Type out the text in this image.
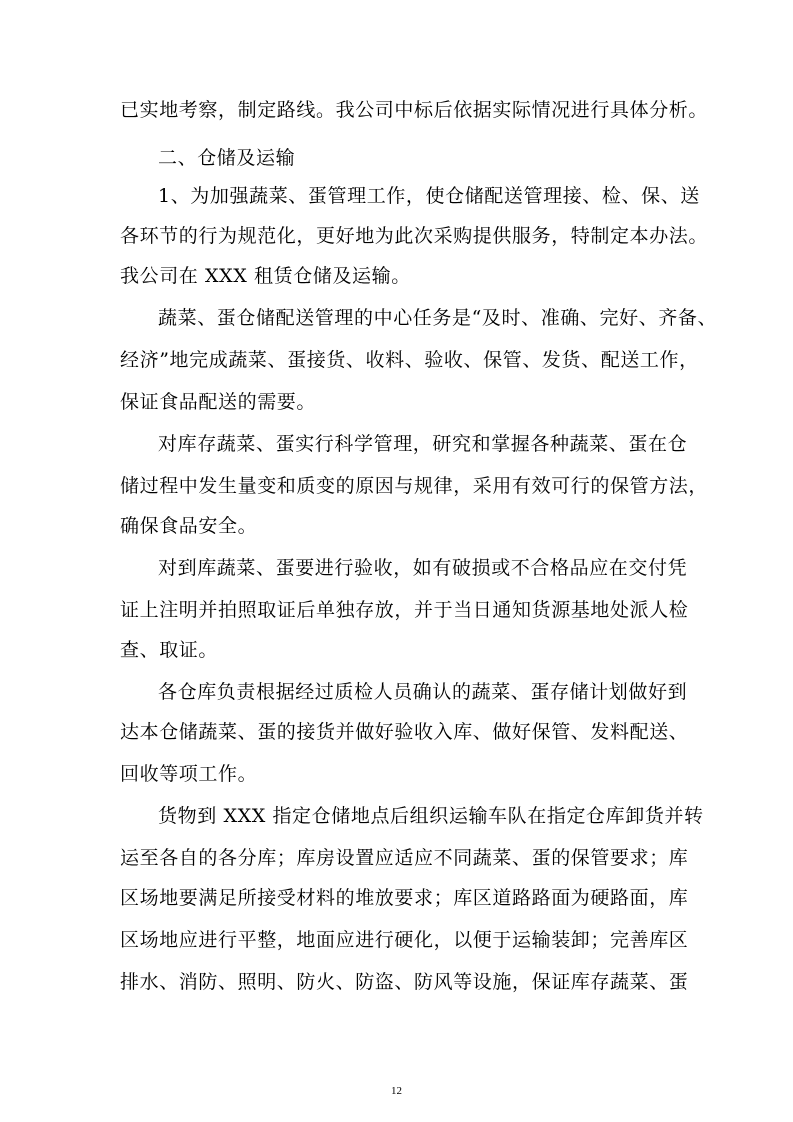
已实地考察，制定路线。我公司中标后依据实际情况进行具体分析。
二、仓储及运输
1、为加强蔬菜、蛋管理工作，使仓储配送管理接、检、保、送
各环节的行为规范化，更好地为此次采购提供服务，特制定本办法。
我公司在 XXX 租赁仓储及运输。
蔬菜、蛋仓储配送管理的中心任务是“及时、准确、完好、齐备、
经济”地完成蔬菜、蛋接货、收料、验收、保管、发货、配送工作，
保证食品配送的需要。
对库存蔬菜、蛋实行科学管理，研究和掌握各种蔬菜、蛋在仓
储过程中发生量变和质变的原因与规律，采用有效可行的保管方法，
确保食品安全。
对到库蔬菜、蛋要进行验收，如有破损或不合格品应在交付凭
证上注明并拍照取证后单独存放，并于当日通知货源基地处派人检
查、取证。
各仓库负责根据经过质检人员确认的蔬菜、蛋存储计划做好到
达本仓储蔬菜、蛋的接货并做好验收入库、做好保管、发料配送、
回收等项工作。
货物到 XXX 指定仓储地点后组织运输车队在指定仓库卸货并转
运至各自的各分库；库房设置应适应不同蔬菜、蛋的保管要求；库
区场地要满足所接受材料的堆放要求；库区道路路面为硬路面，库
区场地应进行平整，地面应进行硬化，以便于运输装卸；完善库区
排水、消防、照明、防火、防盗、防风等设施，保证库存蔬菜、蛋
12
